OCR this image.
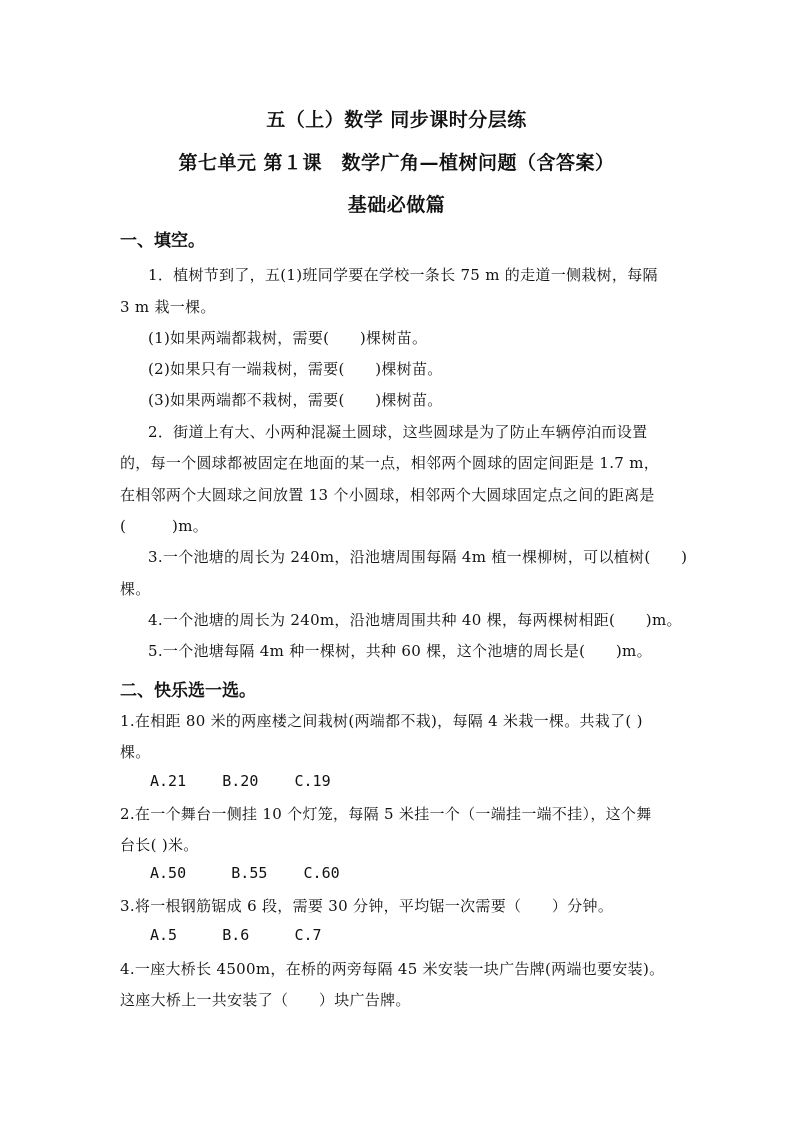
五（上）数学 同步课时分层练
第七单元 第１课　数学广角—植树问题（含答案）
基础必做篇
一、填空。
1．植树节到了，五(1)班同学要在学校一条长 75 m 的走道一侧栽树，每隔
3 m 栽一棵。
(1)如果两端都栽树，需要(　　)棵树苗。
(2)如果只有一端栽树，需要(　　)棵树苗。
(3)如果两端都不栽树，需要(　　)棵树苗。
2．街道上有大、小两种混凝土圆球，这些圆球是为了防止车辆停泊而设置
的，每一个圆球都被固定在地面的某一点，相邻两个圆球的固定间距是 1.7 m，
在相邻两个大圆球之间放置 13 个小圆球，相邻两个大圆球固定点之间的距离是
(　　　)m。
3.一个池塘的周长为 240m，沿池塘周围每隔 4m 植一棵柳树，可以植树(　　)
棵。
4.一个池塘的周长为 240m，沿池塘周围共种 40 棵，每两棵树相距(　　)m。
5.一个池塘每隔 4m 种一棵树，共种 60 棵，这个池塘的周长是(　　)m。
二、快乐选一选。
1.在相距 80 米的两座楼之间栽树(两端都不栽)，每隔 4 米栽一棵。共栽了( )
棵。
A.21    B.20    C.19
2.在一个舞台一侧挂 10 个灯笼，每隔 5 米挂一个（一端挂一端不挂），这个舞
台长( )米。
A.50     B.55    C.60
3.将一根钢筋锯成 6 段，需要 30 分钟，平均锯一次需要（　　）分钟。
A.5     B.6     C.7
4.一座大桥长 4500m，在桥的两旁每隔 45 米安装一块广告牌(两端也要安装)。
这座大桥上一共安装了（　　）块广告牌。
